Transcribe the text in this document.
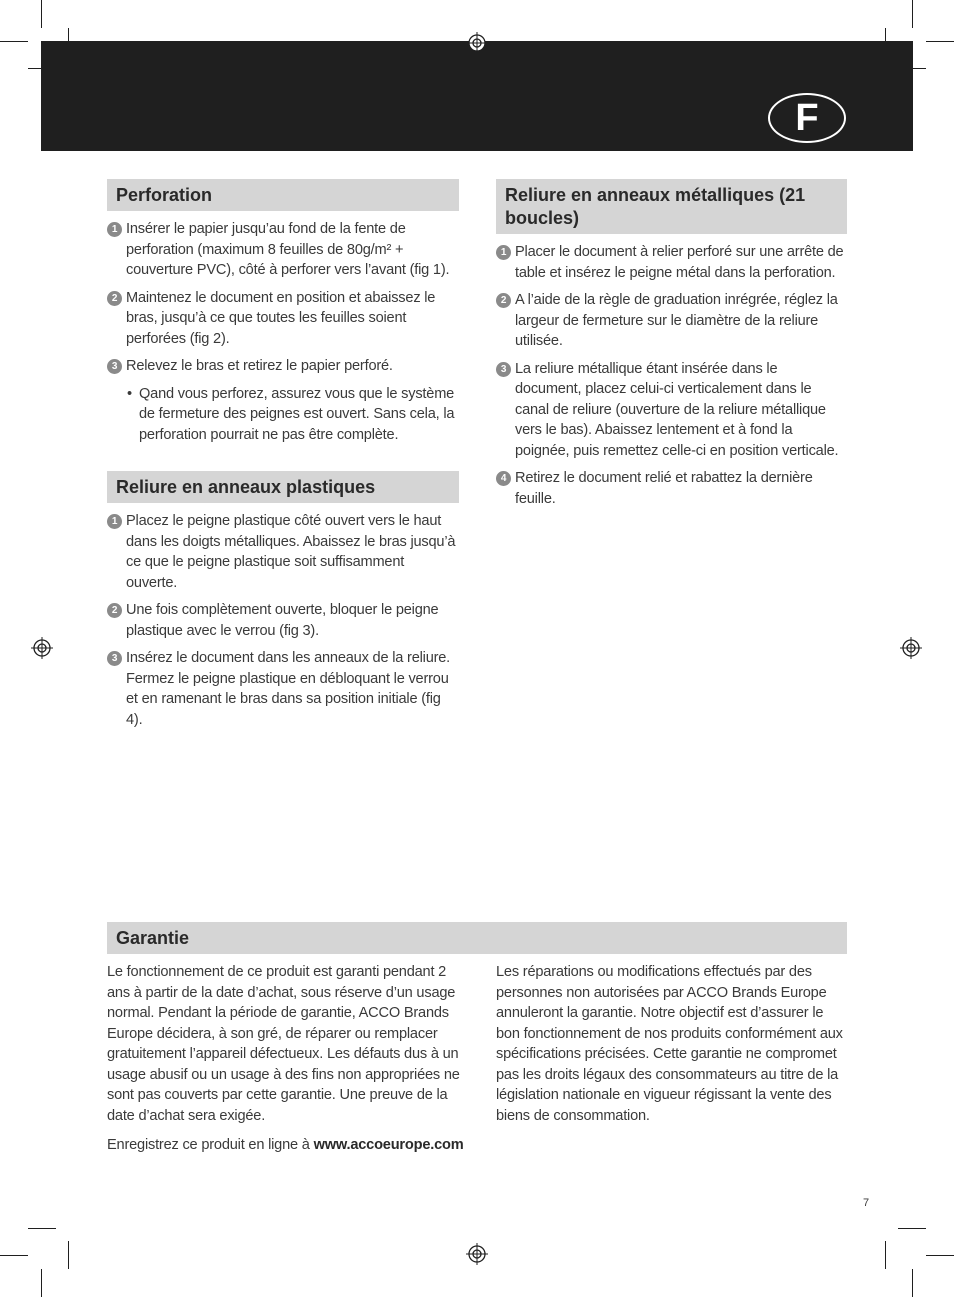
F
Perforation
1 Insérer le papier jusqu’au fond de la fente de perforation (maximum 8 feuilles de 80g/m² + couverture PVC), côté à perforer vers l’avant (fig 1).
2 Maintenez le document en position et abaissez le bras, jusqu’à ce que toutes les feuilles soient perforées (fig 2).
3 Relevez le bras et retirez le papier perforé.
• Qand vous perforez, assurez vous que le système de fermeture des peignes est ouvert. Sans cela, la perforation pourrait ne pas être complète.
Reliure en anneaux plastiques
1 Placez le peigne plastique côté ouvert vers le haut dans les doigts métalliques. Abaissez le bras jusqu’à ce que le peigne plastique soit suffisamment ouverte.
2 Une fois complètement ouverte, bloquer le peigne plastique avec le verrou (fig 3).
3 Insérez le document dans les anneaux de la reliure. Fermez le peigne plastique en débloquant le verrou et en ramenant le bras dans sa position initiale (fig 4).
Reliure en anneaux métalliques (21 boucles)
1 Placer le document à relier perforé sur une arrête de table et insérez le peigne métal dans la perforation.
2 A l’aide de la règle de graduation inrégrée, réglez la largeur de fermeture sur le diamètre de la reliure utilisée.
3 La reliure métallique étant insérée dans le document, placez celui-ci verticalement dans le canal de reliure (ouverture de la reliure métallique vers le bas). Abaissez lentement et à fond la poignée, puis remettez celle-ci en position verticale.
4 Retirez le document relié et rabattez la dernière feuille.
Garantie

Le fonctionnement de ce produit est garanti pendant 2 ans à partir de la date d’achat, sous réserve d’un usage normal. Pendant la période de garantie, ACCO Brands Europe décidera, à son gré, de réparer ou remplacer gratuitement l’appareil défectueux. Les défauts dus à un usage abusif ou un usage à des fins non appropriées ne sont pas couverts par cette garantie. Une preuve de la date d’achat sera exigée.

Enregistrez ce produit en ligne à www.accoeurope.com

Les réparations ou modifications effectués par des personnes non autorisées par ACCO Brands Europe annuleront la garantie. Notre objectif est d’assurer le bon fonctionnement de nos produits conformément aux spécifications précisées. Cette garantie ne compromet pas les droits légaux des consommateurs au titre de la législation nationale en vigueur régissant la vente des biens de consommation.

7
